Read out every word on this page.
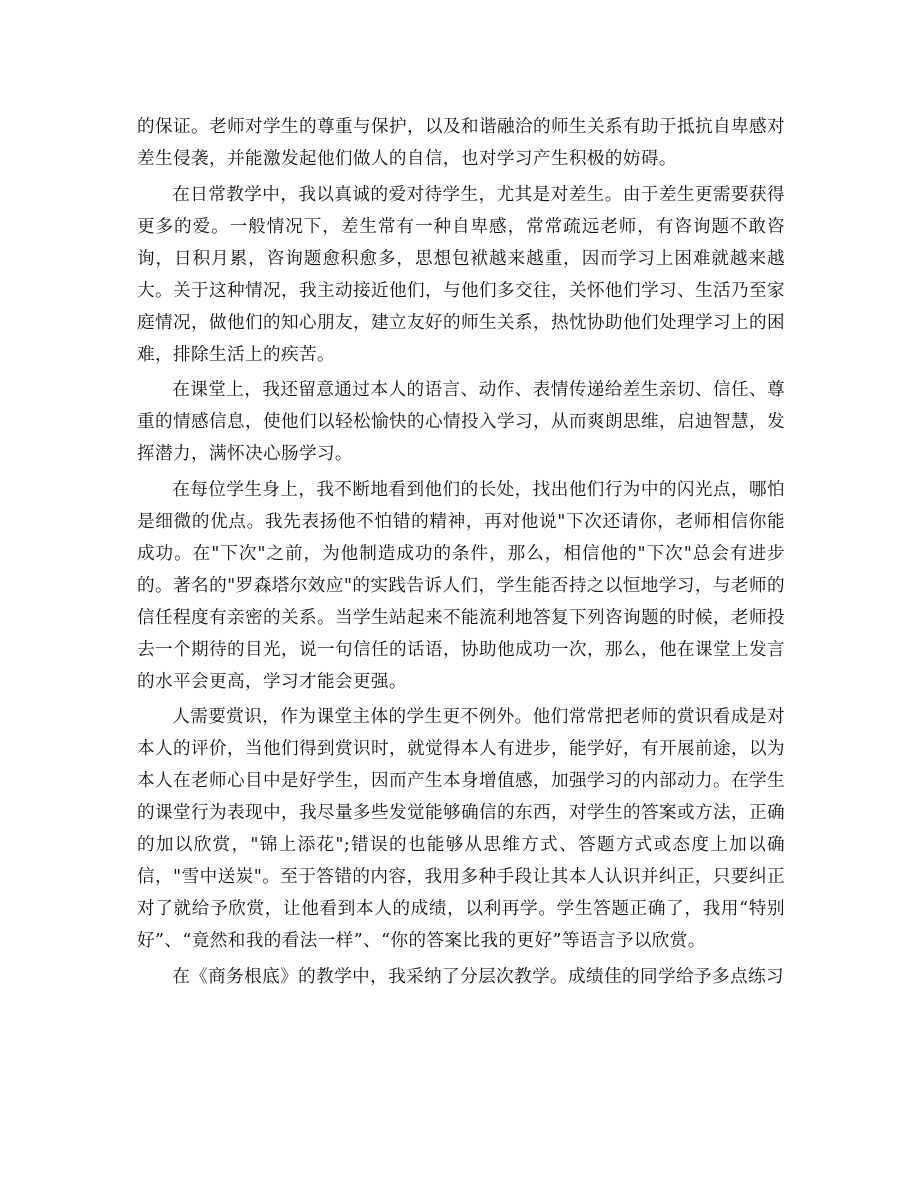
的保证。老师对学生的尊重与保护，以及和谐融洽的师生关系有助于抵抗自卑感对差生侵袭，并能激发起他们做人的自信，也对学习产生积极的妨碍。

在日常教学中，我以真诚的爱对待学生，尤其是对差生。由于差生更需要获得更多的爱。一般情况下，差生常有一种自卑感，常常疏远老师，有咨询题不敢咨询，日积月累，咨询题愈积愈多，思想包袱越来越重，因而学习上困难就越来越大。关于这种情况，我主动接近他们，与他们多交往，关怀他们学习、生活乃至家庭情况，做他们的知心朋友，建立友好的师生关系，热忱协助他们处理学习上的困难，排除生活上的疾苦。

在课堂上，我还留意通过本人的语言、动作、表情传递给差生亲切、信任、尊重的情感信息，使他们以轻松愉快的心情投入学习，从而爽朗思维，启迪智慧，发挥潜力，满怀决心肠学习。

在每位学生身上，我不断地看到他们的长处，找出他们行为中的闪光点，哪怕是细微的优点。我先表扬他不怕错的精神，再对他说"下次还请你，老师相信你能成功。在"下次"之前，为他制造成功的条件，那么，相信他的"下次"总会有进步的。著名的"罗森塔尔效应"的实践告诉人们，学生能否持之以恒地学习，与老师的信任程度有亲密的关系。当学生站起来不能流利地答复下列咨询题的时候，老师投去一个期待的目光，说一句信任的话语，协助他成功一次，那么，他在课堂上发言的水平会更高，学习才能会更强。

人需要赏识，作为课堂主体的学生更不例外。他们常常把老师的赏识看成是对本人的评价，当他们得到赏识时，就觉得本人有进步，能学好，有开展前途，以为本人在老师心目中是好学生，因而产生本身增值感，加强学习的内部动力。在学生的课堂行为表现中，我尽量多些发觉能够确信的东西，对学生的答案或方法，正确的加以欣赏，"锦上添花";错误的也能够从思维方式、答题方式或态度上加以确信，"雪中送炭"。至于答错的内容，我用多种手段让其本人认识并纠正，只要纠正对了就给予欣赏，让他看到本人的成绩，以利再学。学生答题正确了，我用“特别好”、“竟然和我的看法一样”、“你的答案比我的更好”等语言予以欣赏。

在《商务根底》的教学中，我采纳了分层次教学。成绩佳的同学给予多点练习
